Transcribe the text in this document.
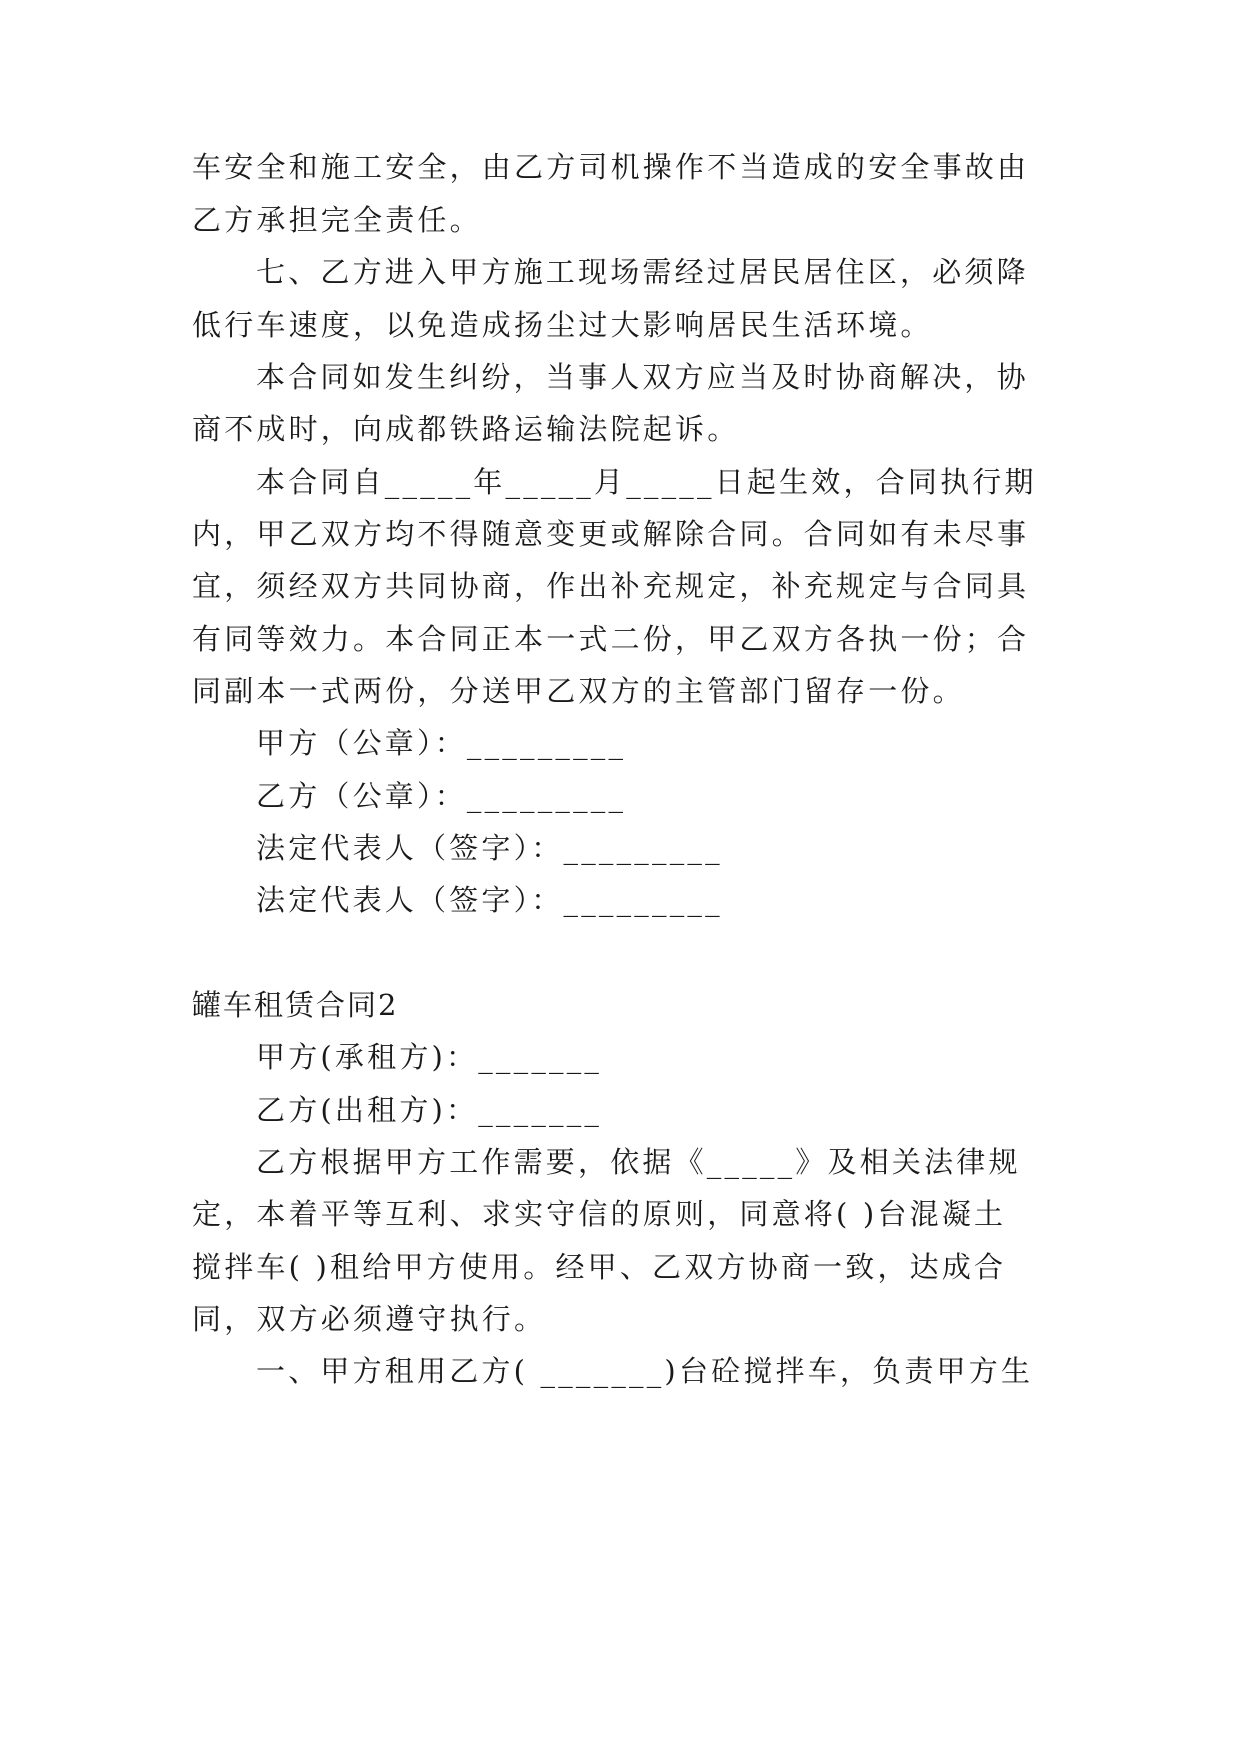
车安全和施工安全，由乙方司机操作不当造成的安全事故由
乙方承担完全责任。
七、乙方进入甲方施工现场需经过居民居住区，必须降
低行车速度，以免造成扬尘过大影响居民生活环境。
本合同如发生纠纷，当事人双方应当及时协商解决，协
商不成时，向成都铁路运输法院起诉。
本合同自_____年_____月_____日起生效，合同执行期
内，甲乙双方均不得随意变更或解除合同。合同如有未尽事
宜，须经双方共同协商，作出补充规定，补充规定与合同具
有同等效力。本合同正本一式二份，甲乙双方各执一份；合
同副本一式两份，分送甲乙双方的主管部门留存一份。
甲方（公章）：_________
乙方（公章）：_________
法定代表人（签字）：_________
法定代表人（签字）：_________
罐车租赁合同2
甲方(承租方)：_______
乙方(出租方)：_______
乙方根据甲方工作需要，依据《_____》及相关法律规
定，本着平等互利、求实守信的原则，同意将( )台混凝土
搅拌车( )租给甲方使用。经甲、乙双方协商一致，达成合
同，双方必须遵守执行。
一、甲方租用乙方( _______)台砼搅拌车，负责甲方生
